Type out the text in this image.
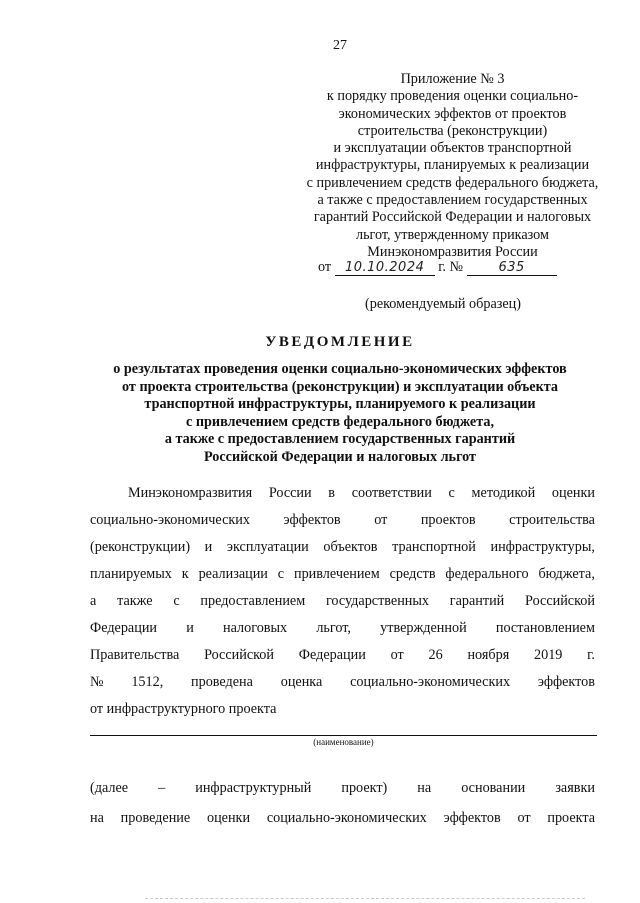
27
Приложение № 3
к порядку проведения оценки социально-
экономических эффектов от проектов
строительства (реконструкции)
и эксплуатации объектов транспортной
инфраструктуры, планируемых к реализации
с привлечением средств федерального бюджета,
а также с предоставлением государственных
гарантий Российской Федерации и налоговых
льгот, утвержденному приказом
Минэкономразвития России
от 10.10.2024 г. №	635
(рекомендуемый образец)
УВЕДОМЛЕНИЕ
о результатах проведения оценки социально-экономических эффектов
от проекта строительства (реконструкции) и эксплуатации объекта
транспортной инфраструктуры, планируемого к реализации
с привлечением средств федерального бюджета,
а также с предоставлением государственных гарантий
Российской Федерации и налоговых льгот
Минэкономразвития России в соответствии с методикой оценки
социально-экономических эффектов от проектов строительства
(реконструкции) и эксплуатации объектов транспортной инфраструктуры,
планируемых к реализации с привлечением средств федерального бюджета,
а также с предоставлением государственных гарантий Российской
Федерации и налоговых льгот, утвержденной постановлением
Правительства Российской Федерации от 26 ноября 2019 г.
№ 1512, проведена оценка социально-экономических эффектов
от инфраструктурного проекта
(наименование)
(далее – инфраструктурный проект) на основании заявки
на проведение оценки социально-экономических эффектов от проекта
